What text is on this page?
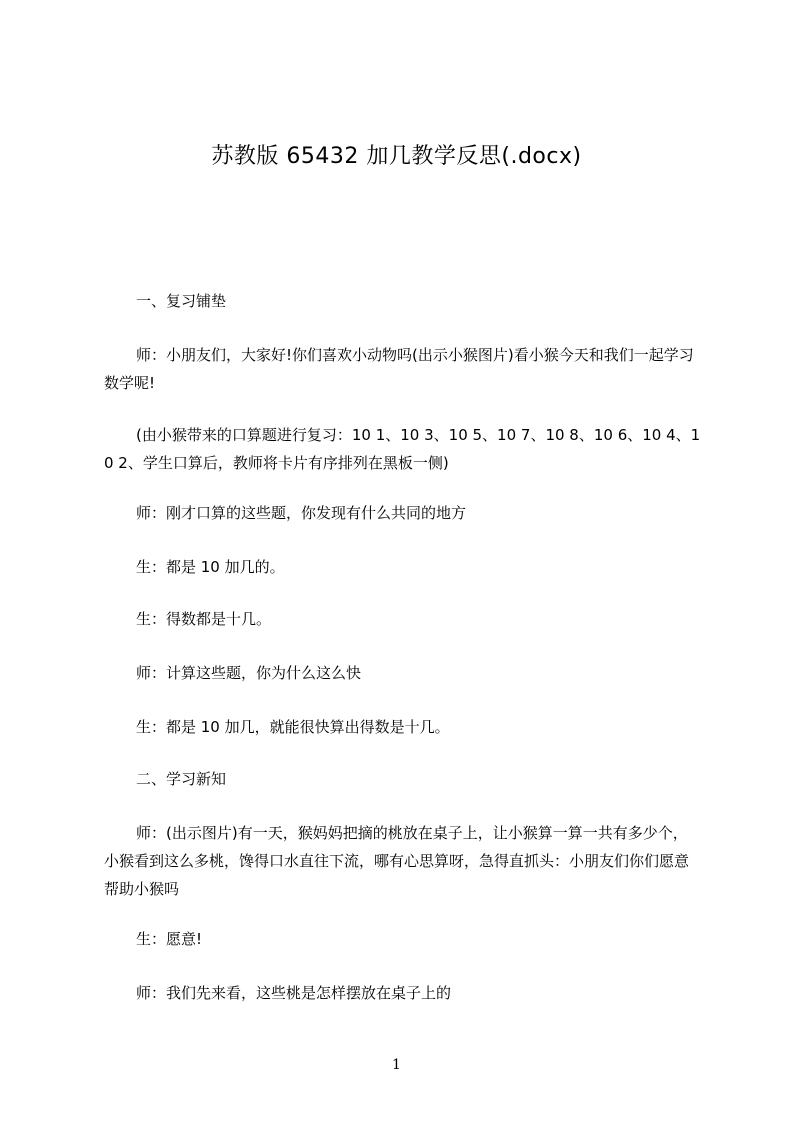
苏教版 65432 加几教学反思(.docx)

一、复习铺垫

师：小朋友们，大家好!你们喜欢小动物吗(出示小猴图片)看小猴今天和我们一起学习数学呢!

(由小猴带来的口算题进行复习：10 1、10 3、10 5、10 7、10 8、10 6、10 4、10 2、学生口算后，教师将卡片有序排列在黑板一侧)

师：刚才口算的这些题，你发现有什么共同的地方

生：都是 10 加几的。

生：得数都是十几。

师：计算这些题，你为什么这么快

生：都是 10 加几，就能很快算出得数是十几。

二、学习新知

师：(出示图片)有一天，猴妈妈把摘的桃放在桌子上，让小猴算一算一共有多少个，小猴看到这么多桃，馋得口水直往下流，哪有心思算呀，急得直抓头：小朋友们你们愿意帮助小猴吗

生：愿意!

师：我们先来看，这些桃是怎样摆放在桌子上的

1
